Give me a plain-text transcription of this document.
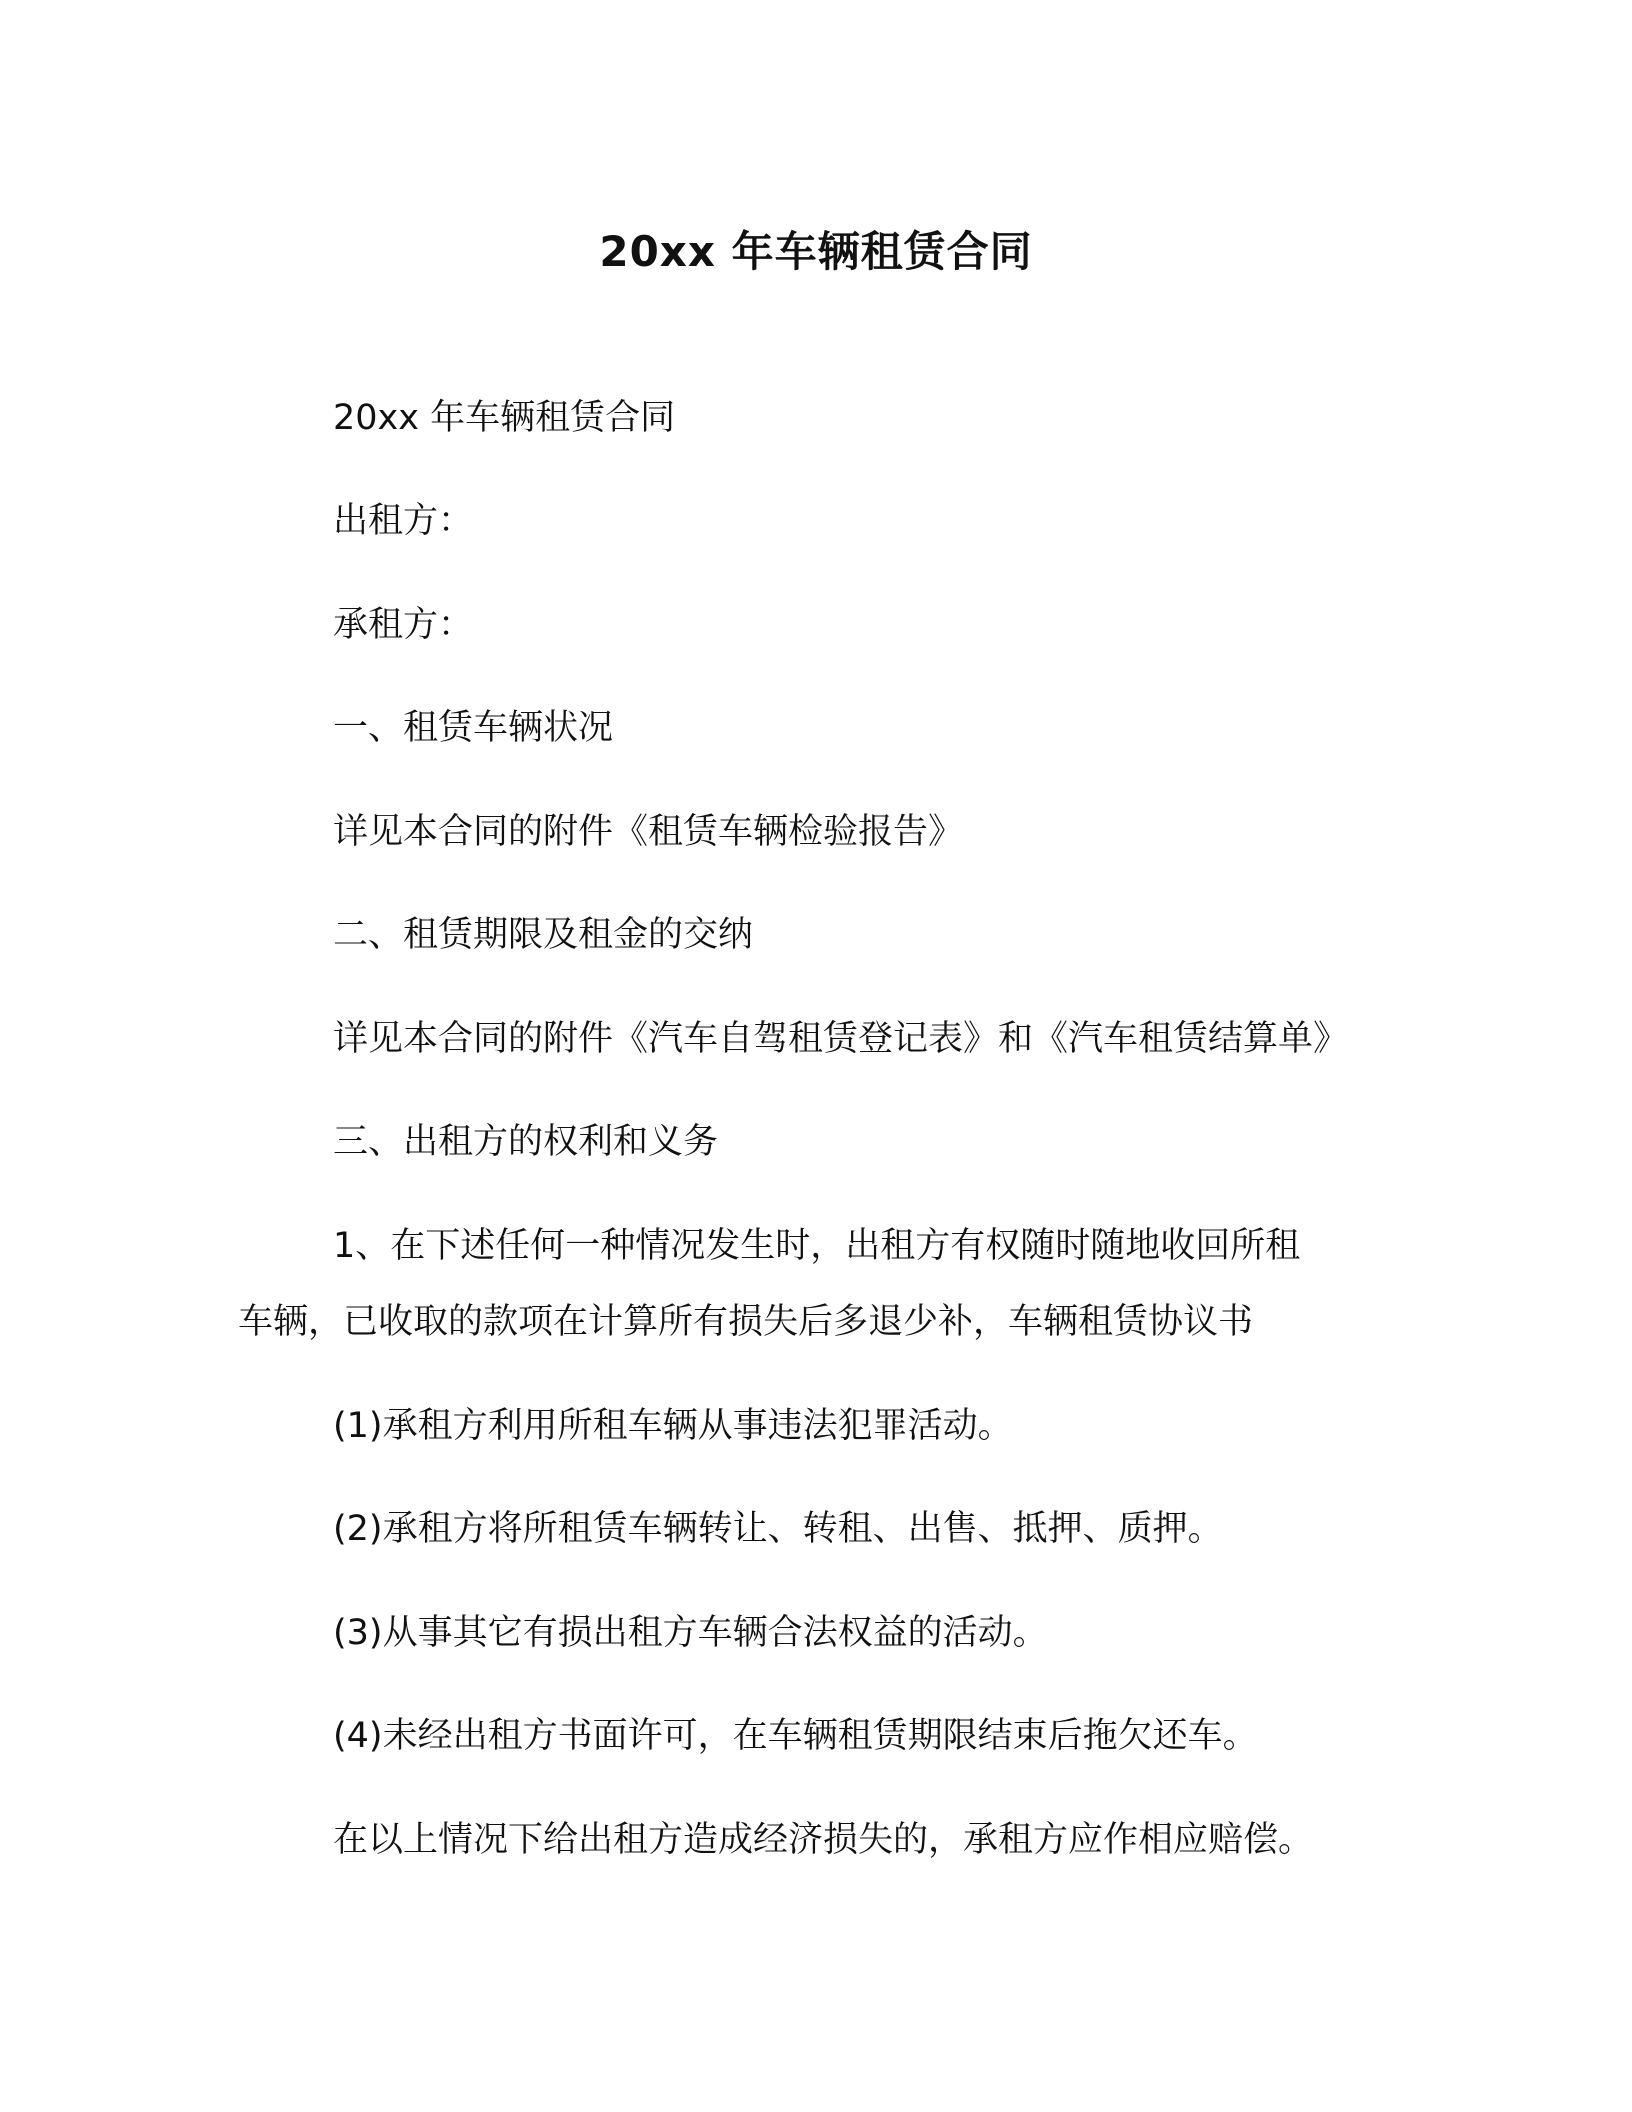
20xx 年车辆租赁合同
20xx 年车辆租赁合同
出租方：
承租方：
一、租赁车辆状况
详见本合同的附件《租赁车辆检验报告》
二、租赁期限及租金的交纳
详见本合同的附件《汽车自驾租赁登记表》和《汽车租赁结算单》
三、出租方的权利和义务
1、在下述任何一种情况发生时，出租方有权随时随地收回所租
车辆，已收取的款项在计算所有损失后多退少补，车辆租赁协议书
(1)承租方利用所租车辆从事违法犯罪活动。
(2)承租方将所租赁车辆转让、转租、出售、抵押、质押。
(3)从事其它有损出租方车辆合法权益的活动。
(4)未经出租方书面许可，在车辆租赁期限结束后拖欠还车。
在以上情况下给出租方造成经济损失的，承租方应作相应赔偿。
